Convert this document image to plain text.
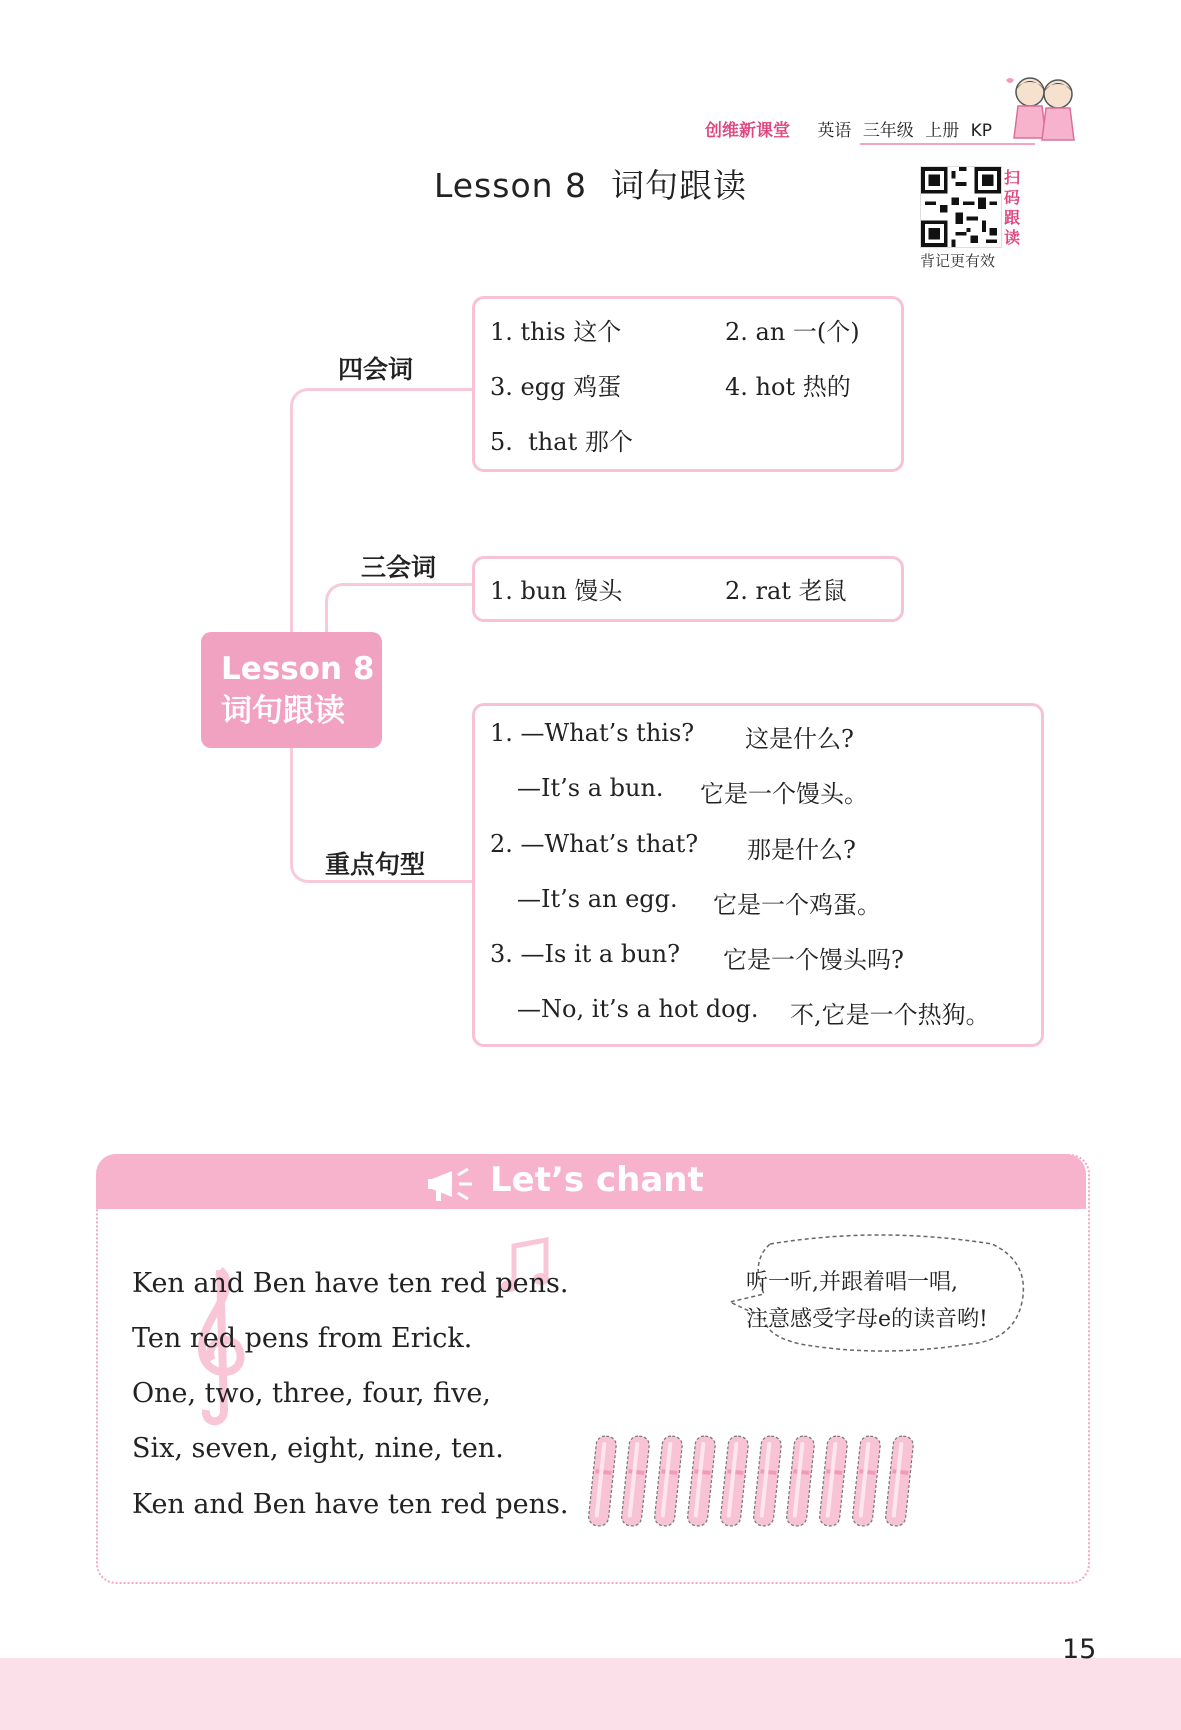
创维新课堂 英语 三年级 上册 KP
Lesson 8 词句跟读	扫
码
跟
读
背记更有效
四会词
三会词
重点句型
Lesson 8
词句跟读
1. this 这个	2. an 一(个)
3. egg 鸡蛋	4. hot 热的
5.  that 那个
1. bun 馒头	2. rat 老鼠
1. —What’s this? 这是什么?
—It’s a bun. 它是一个馒头。
2. —What’s that? 那是什么?
—It’s an egg. 它是一个鸡蛋。
3. —Is it a bun? 它是一个馒头吗?
—No, it’s a hot dog. 不,它是一个热狗。
Let’s chant
Ken and Ben have ten red pens.
Ten red pens from Erick.
One, two, three, four, five,
Six, seven, eight, nine, ten.
Ken and Ben have ten red pens.
听一听,并跟着唱一唱,
注意感受字母e的读音哟!
15
